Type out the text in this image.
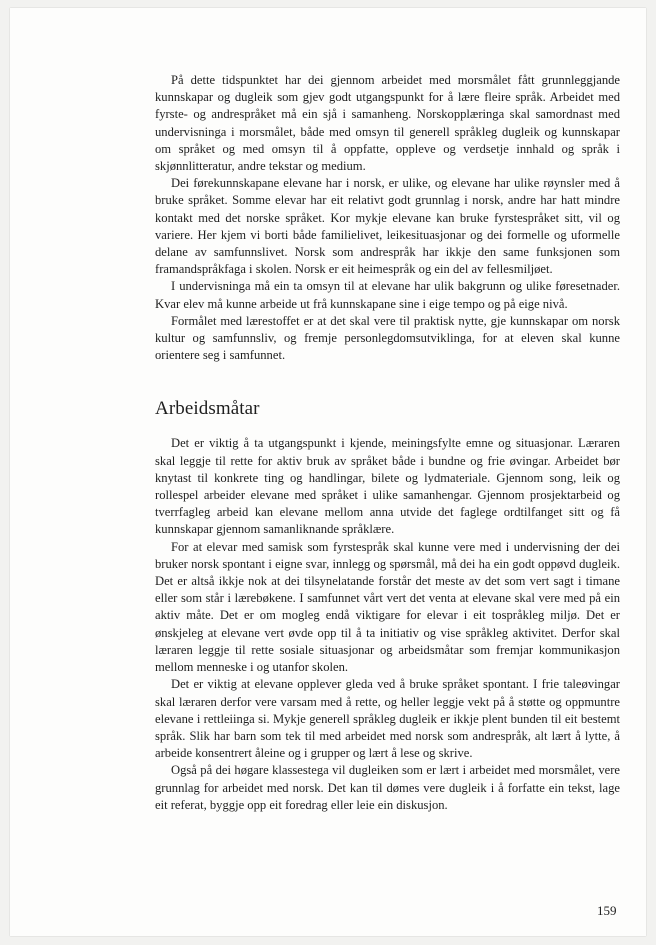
På dette tidspunktet har dei gjennom arbeidet med morsmålet fått grunnleggjande kunnskapar og dugleik som gjev godt utgangspunkt for å lære fleire språk. Arbeidet med fyrste- og andrespråket må ein sjå i samanheng. Norskopplæringa skal samordnast med undervisninga i morsmålet, både med omsyn til generell språkleg dugleik og kunnskapar om språket og med omsyn til å oppfatte, oppleve og verdsetje innhald og språk i skjønnlitteratur, andre tekstar og medium.

Dei førekunnskapane elevane har i norsk, er ulike, og elevane har ulike røynsler med å bruke språket. Somme elevar har eit relativt godt grunnlag i norsk, andre har hatt mindre kontakt med det norske språket. Kor mykje elevane kan bruke fyrstespråket sitt, vil og variere. Her kjem vi borti både familielivet, leikesituasjonar og dei formelle og uformelle delane av samfunnslivet. Norsk som andrespråk har ikkje den same funksjonen som framandspråkfaga i skolen. Norsk er eit heimespråk og ein del av fellesmiljøet.

I undervisninga må ein ta omsyn til at elevane har ulik bakgrunn og ulike føresetnader. Kvar elev må kunne arbeide ut frå kunnskapane sine i eige tempo og på eige nivå.

Formålet med lærestoffet er at det skal vere til praktisk nytte, gje kunnskapar om norsk kultur og samfunnsliv, og fremje personlegdomsutviklinga, for at eleven skal kunne orientere seg i samfunnet.

Arbeidsmåtar

Det er viktig å ta utgangspunkt i kjende, meiningsfylte emne og situasjonar. Læraren skal leggje til rette for aktiv bruk av språket både i bundne og frie øvingar. Arbeidet bør knytast til konkrete ting og handlingar, bilete og lydmateriale. Gjennom song, leik og rollespel arbeider elevane med språket i ulike samanhengar. Gjennom prosjektarbeid og tverrfagleg arbeid kan elevane mellom anna utvide det faglege ordtilfanget sitt og få kunnskapar gjennom samanliknande språklære.

For at elevar med samisk som fyrstespråk skal kunne vere med i undervisning der dei bruker norsk spontant i eigne svar, innlegg og spørsmål, må dei ha ein godt oppøvd dugleik. Det er altså ikkje nok at dei tilsynelatande forstår det meste av det som vert sagt i timane eller som står i lærebøkene. I samfunnet vårt vert det venta at elevane skal vere med på ein aktiv måte. Det er om mogleg endå viktigare for elevar i eit tospråkleg miljø. Det er ønskjeleg at elevane vert øvde opp til å ta initiativ og vise språkleg aktivitet. Derfor skal læraren leggje til rette sosiale situasjonar og arbeidsmåtar som fremjar kommunikasjon mellom menneske i og utanfor skolen.

Det er viktig at elevane opplever gleda ved å bruke språket spontant. I frie taleøvingar skal læraren derfor vere varsam med å rette, og heller leggje vekt på å støtte og oppmuntre elevane i rettleiinga si. Mykje generell språkleg dugleik er ikkje plent bunden til eit bestemt språk. Slik har barn som tek til med arbeidet med norsk som andrespråk, alt lært å lytte, å arbeide konsentrert åleine og i grupper og lært å lese og skrive.

Også på dei høgare klassestega vil dugleiken som er lært i arbeidet med morsmålet, vere grunnlag for arbeidet med norsk. Det kan til dømes vere dugleik i å forfatte ein tekst, lage eit referat, byggje opp eit foredrag eller leie ein diskusjon.

159
